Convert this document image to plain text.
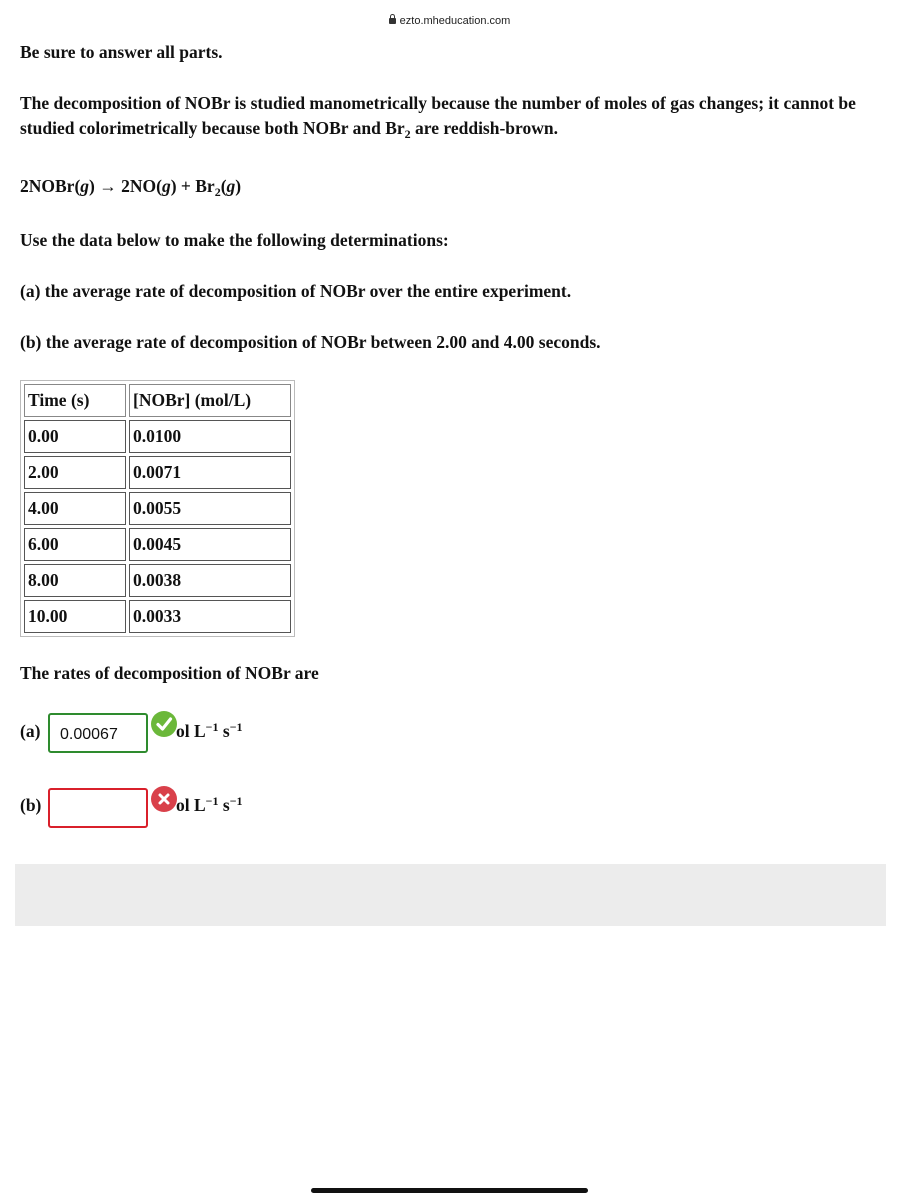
ezto.mheducation.com
Be sure to answer all parts.
The decomposition of NOBr is studied manometrically because the number of moles of gas changes; it cannot be studied colorimetrically because both NOBr and $Br_2$ are reddish-brown.
2NOBr(g) → $2NO(g) + Br_2(g)$
Use the data below to make the following determinations:
(a) the average rate of decomposition of NOBr over the entire experiment.
(b) the average rate of decomposition of NOBr between 2.00 and 4.00 seconds.
Time (s)	[NOBr] (mol/L)
0.00	0.0100
2.00	0.0071
4.00	0.0055
6.00	0.0045
8.00	0.0038
10.00	0.0033
The rates of decomposition of NOBr are
(a)	0.00067	ol $L^{-1}$ $s^{-1}$
(b)	ol $L^{-1}$ $s^{-1}$
